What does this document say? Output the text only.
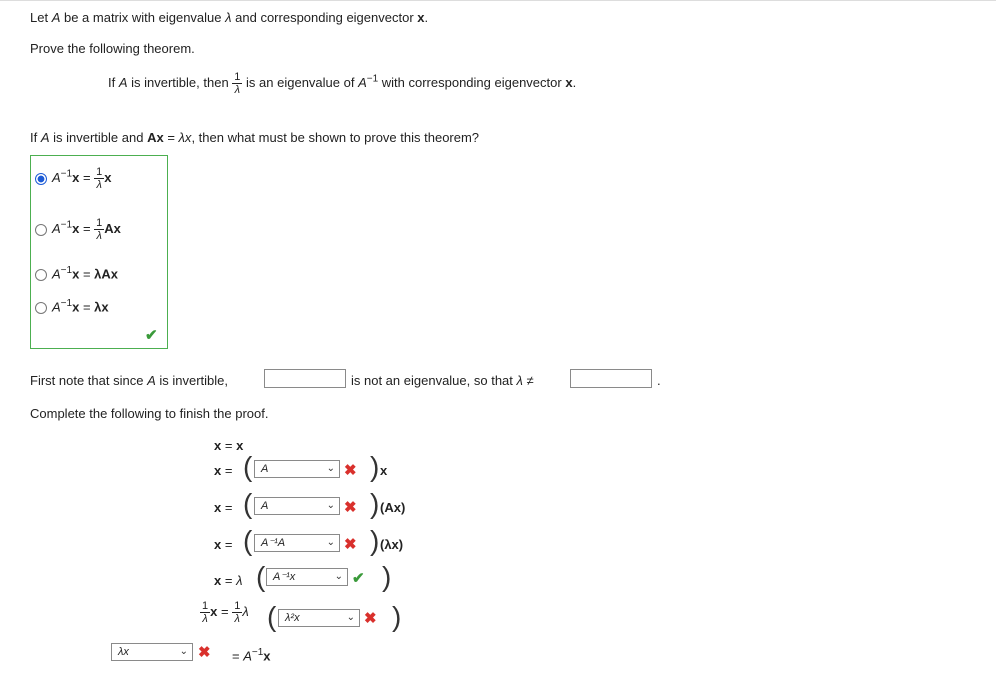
Let A be a matrix with eigenvalue λ and corresponding eigenvector x.
Prove the following theorem.
If A is invertible, then $\frac{1}{\lambda}$ is an eigenvalue of $A^{-1}$ with corresponding eigenvector x.
If A is invertible and Ax = λx, then what must be shown to prove this theorem?
$A^{-1}x = \frac{1}{\lambda}$ x
$A^{-1}x = \frac{1}{\lambda}$ Ax
$A^{-1}x = \lambda Ax$
$A^{-1}x = \lambda x$
✔
First note that since A is invertible,	is not an eigenvalue, so that λ ≠	.
Complete the following to finish the proof.
x = x
x = ( A	⌄ ✖ ) x
x = ( A	⌄ ✖ ) (Ax)
x = ( A⁻¹A	⌄ ✖ ) (λx)
x = λ ( A⁻¹x	⌄ ✔ )
$\frac{1}{\lambda}$ $x = \frac{1}{\lambda}$ λ ( λ²x	⌄ ✖ )
λx	⌄ ✖ = $A^{-1}x$
